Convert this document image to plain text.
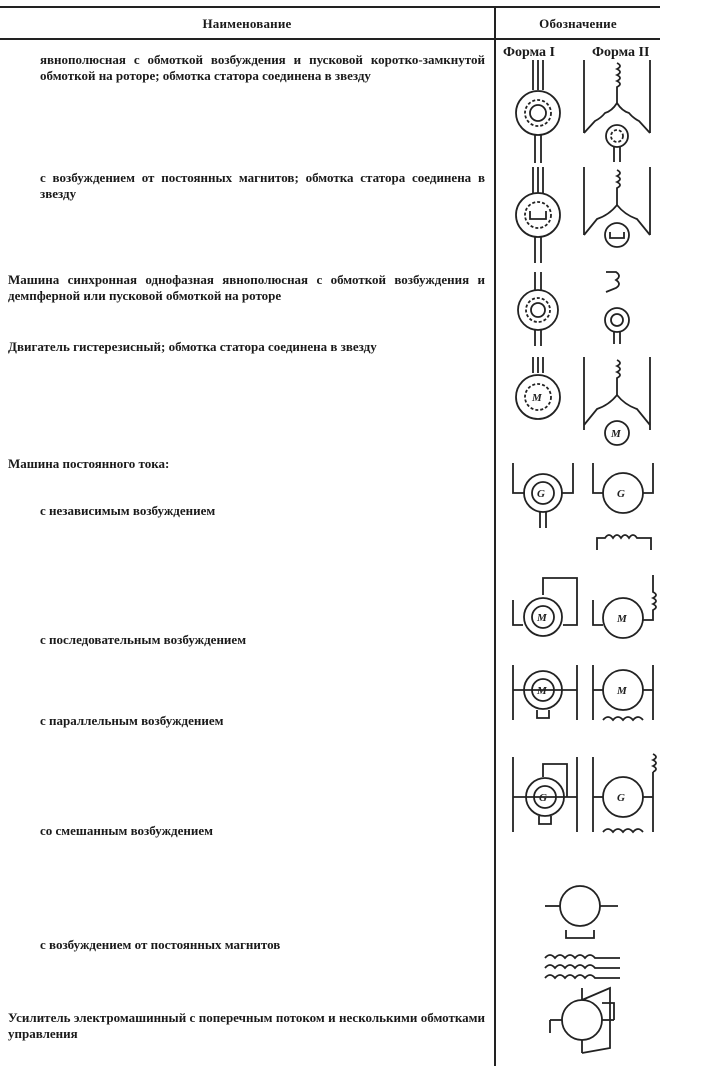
Наименование	Обозначение
Форма I	Форма II
явнополюсная с обмоткой возбуждения и пусковой коротко-замкнутой обмоткой на роторе; обмотка статора соединена в звезду
с возбуждением от постоянных магнитов; обмотка статора соединена в звезду
Машина синхронная однофазная явнополюсная с обмоткой возбуждения и демпферной или пусковой обмоткой на роторе
Двигатель гистерезисный; обмотка статора соединена в звезду
Машина постоянного тока:
с независимым возбуждением
с последовательным возбуждением
с параллельным возбуждением
со смешанным возбуждением
с возбуждением от постоянных магнитов
Усилитель электромашинный с поперечным потоком и несколькими обмотками управления
M
M
G	G
M	M
M	M
G	G
